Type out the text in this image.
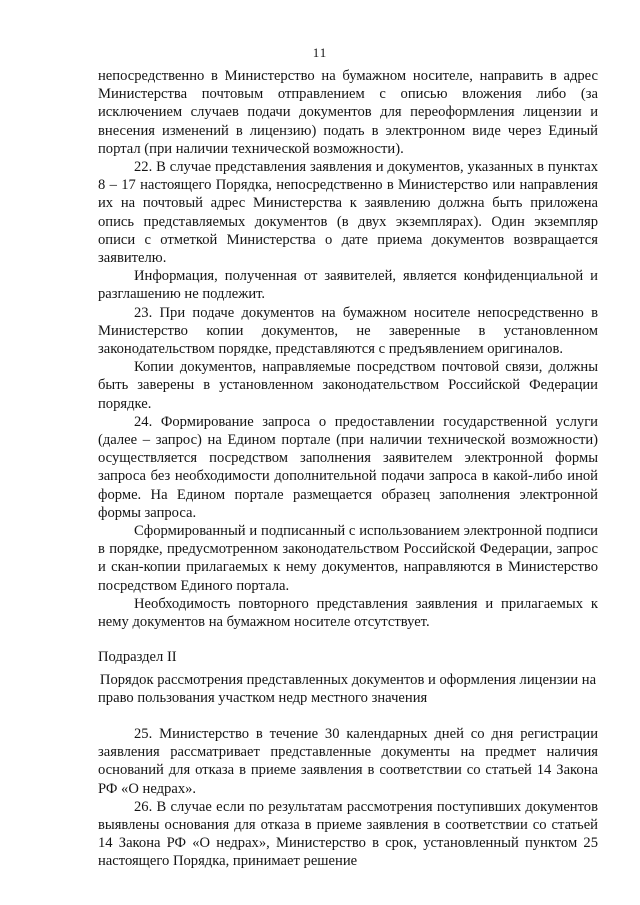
11

непосредственно в Министерство на бумажном носителе, направить в адрес Министерства почтовым отправлением с описью вложения либо (за исключением случаев подачи документов для переоформления лицензии и внесения изменений в лицензию) подать в электронном виде через Единый портал (при наличии технической возможности).

22. В случае представления заявления и документов, указанных в пунктах 8 – 17 настоящего Порядка, непосредственно в Министерство или направления их на почтовый адрес Министерства к заявлению должна быть приложена опись представляемых документов (в двух экземплярах). Один экземпляр описи с отметкой Министерства о дате приема документов возвращается заявителю.

Информация, полученная от заявителей, является конфиденциальной и разглашению не подлежит.

23. При подаче документов на бумажном носителе непосредственно в Министерство копии документов, не заверенные в установленном законодательством порядке, представляются с предъявлением оригиналов.

Копии документов, направляемые посредством почтовой связи, должны быть заверены в установленном законодательством Российской Федерации порядке.

24. Формирование запроса о предоставлении государственной услуги (далее – запрос) на Едином портале (при наличии технической возможности) осуществляется посредством заполнения заявителем электронной формы запроса без необходимости дополнительной подачи запроса в какой-либо иной форме. На Едином портале размещается образец заполнения электронной формы запроса.

Сформированный и подписанный с использованием электронной подписи в порядке, предусмотренном законодательством Российской Федерации, запрос и скан-копии прилагаемых к нему документов, направляются в Министерство посредством Единого портала.

Необходимость повторного представления заявления и прилагаемых к нему документов на бумажном носителе отсутствует.

Подраздел II

Порядок рассмотрения представленных документов и оформления лицензии на право пользования участком недр местного значения

25. Министерство в течение 30 календарных дней со дня регистрации заявления рассматривает представленные документы на предмет наличия оснований для отказа в приеме заявления в соответствии со статьей 14 Закона РФ «О недрах».

26. В случае если по результатам рассмотрения поступивших документов выявлены основания для отказа в приеме заявления в соответствии со статьей 14 Закона РФ «О недрах», Министерство в срок, установленный пунктом 25 настоящего Порядка, принимает решение
